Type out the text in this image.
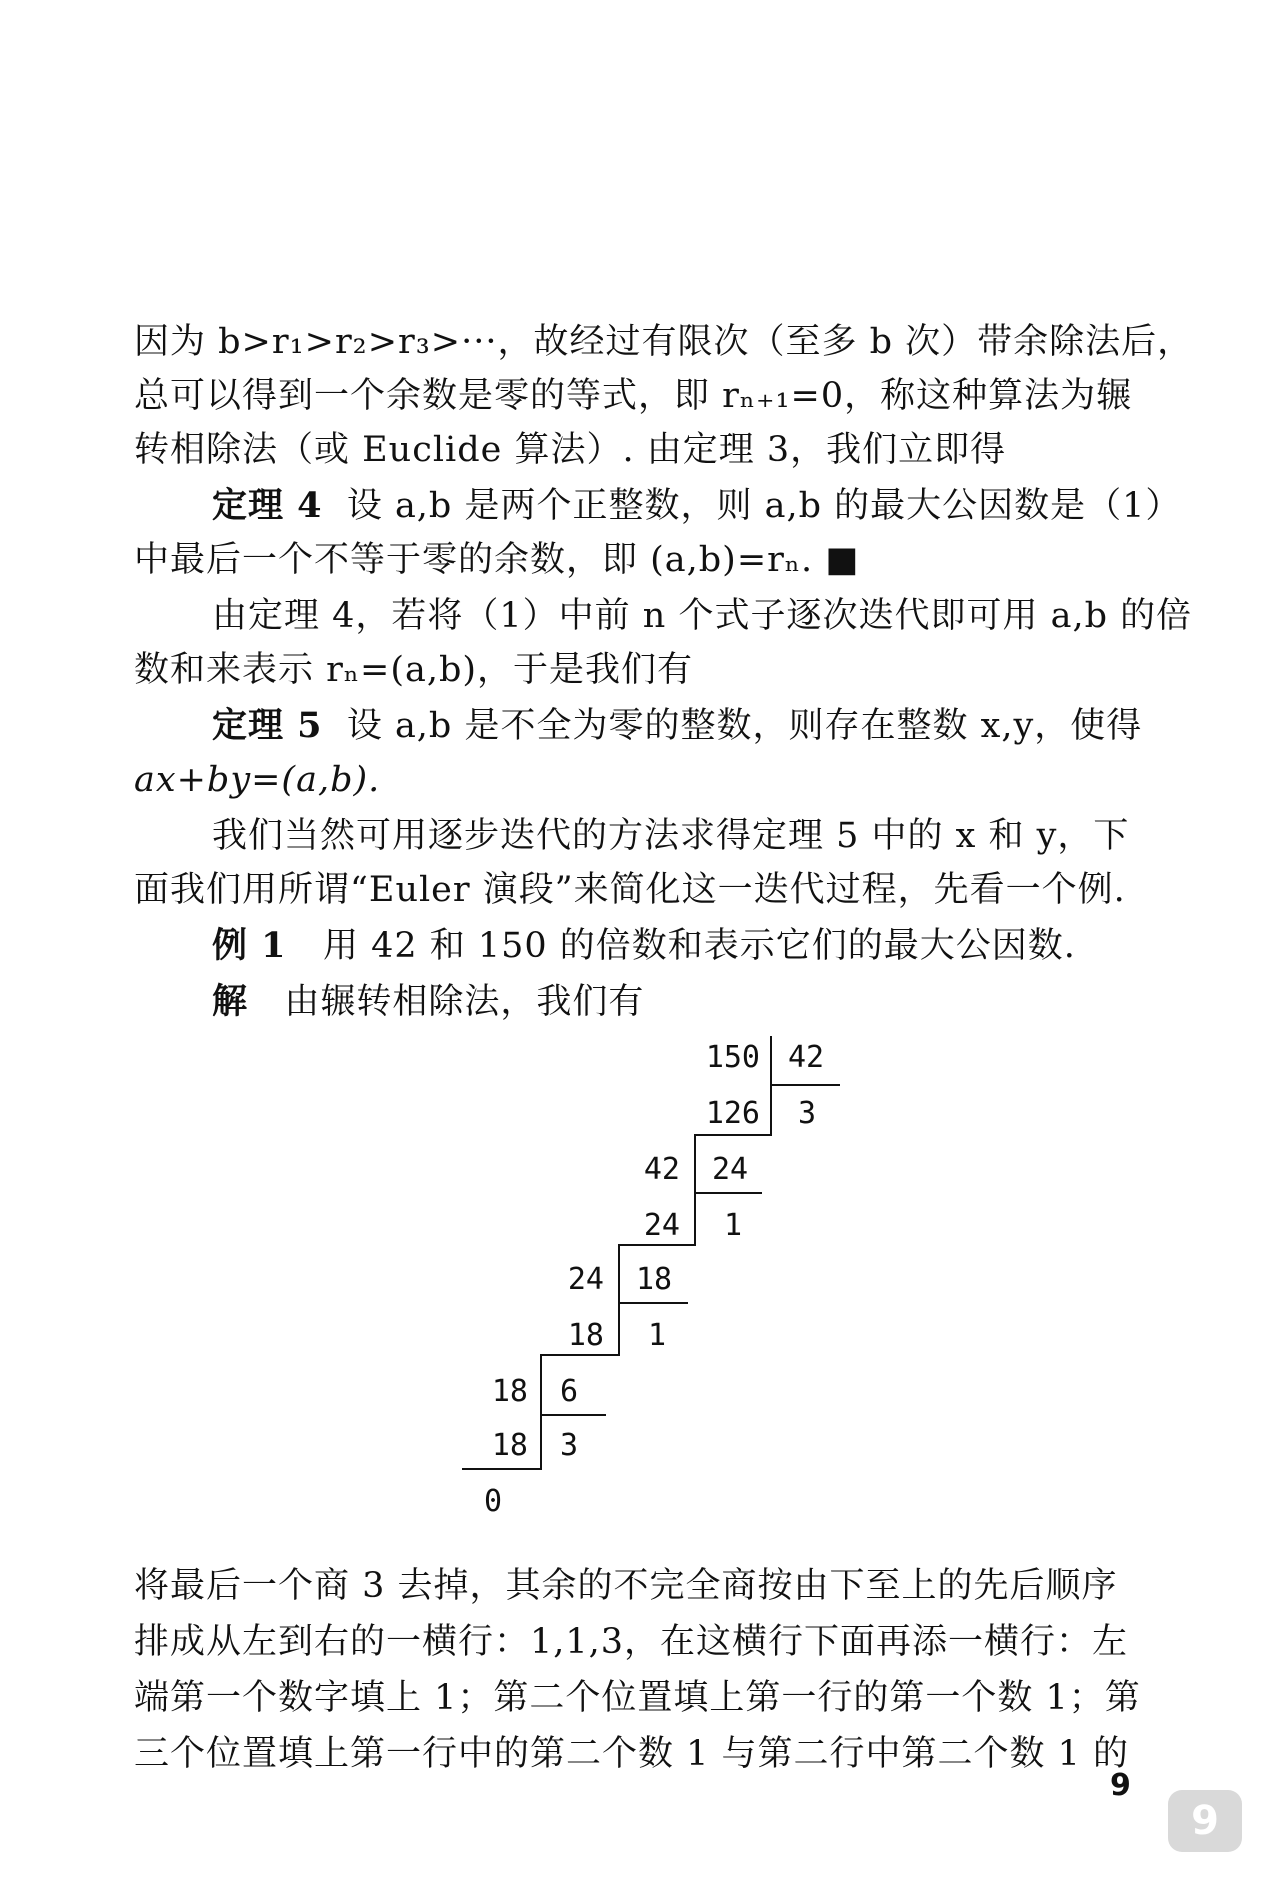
因为 b>r₁>r₂>r₃>···，故经过有限次（至多 b 次）带余除法后，
总可以得到一个余数是零的等式，即 rₙ₊₁=0，称这种算法为辗
转相除法（或 Euclide 算法）. 由定理 3，我们立即得
定理 4 设 a,b 是两个正整数，则 a,b 的最大公因数是（1）
中最后一个不等于零的余数，即 (a,b)=rₙ. ■
由定理 4，若将（1）中前 n 个式子逐次迭代即可用 a,b 的倍
数和来表示 rₙ=(a,b)，于是我们有
定理 5 设 a,b 是不全为零的整数，则存在整数 x,y，使得
ax+by=(a,b).
我们当然可用逐步迭代的方法求得定理 5 中的 x 和 y，下
面我们用所谓“Euler 演段”来简化这一迭代过程，先看一个例.
例 1 用 42 和 150 的倍数和表示它们的最大公因数.
解 由辗转相除法，我们有
150 42
126 3
42 24
24 1
24 18
18 1
18 6
18 3
0
将最后一个商 3 去掉，其余的不完全商按由下至上的先后顺序
排成从左到右的一横行：1,1,3，在这横行下面再添一横行：左
端第一个数字填上 1；第二个位置填上第一行的第一个数 1；第
三个位置填上第一行中的第二个数 1 与第二行中第二个数 1 的
9
9
